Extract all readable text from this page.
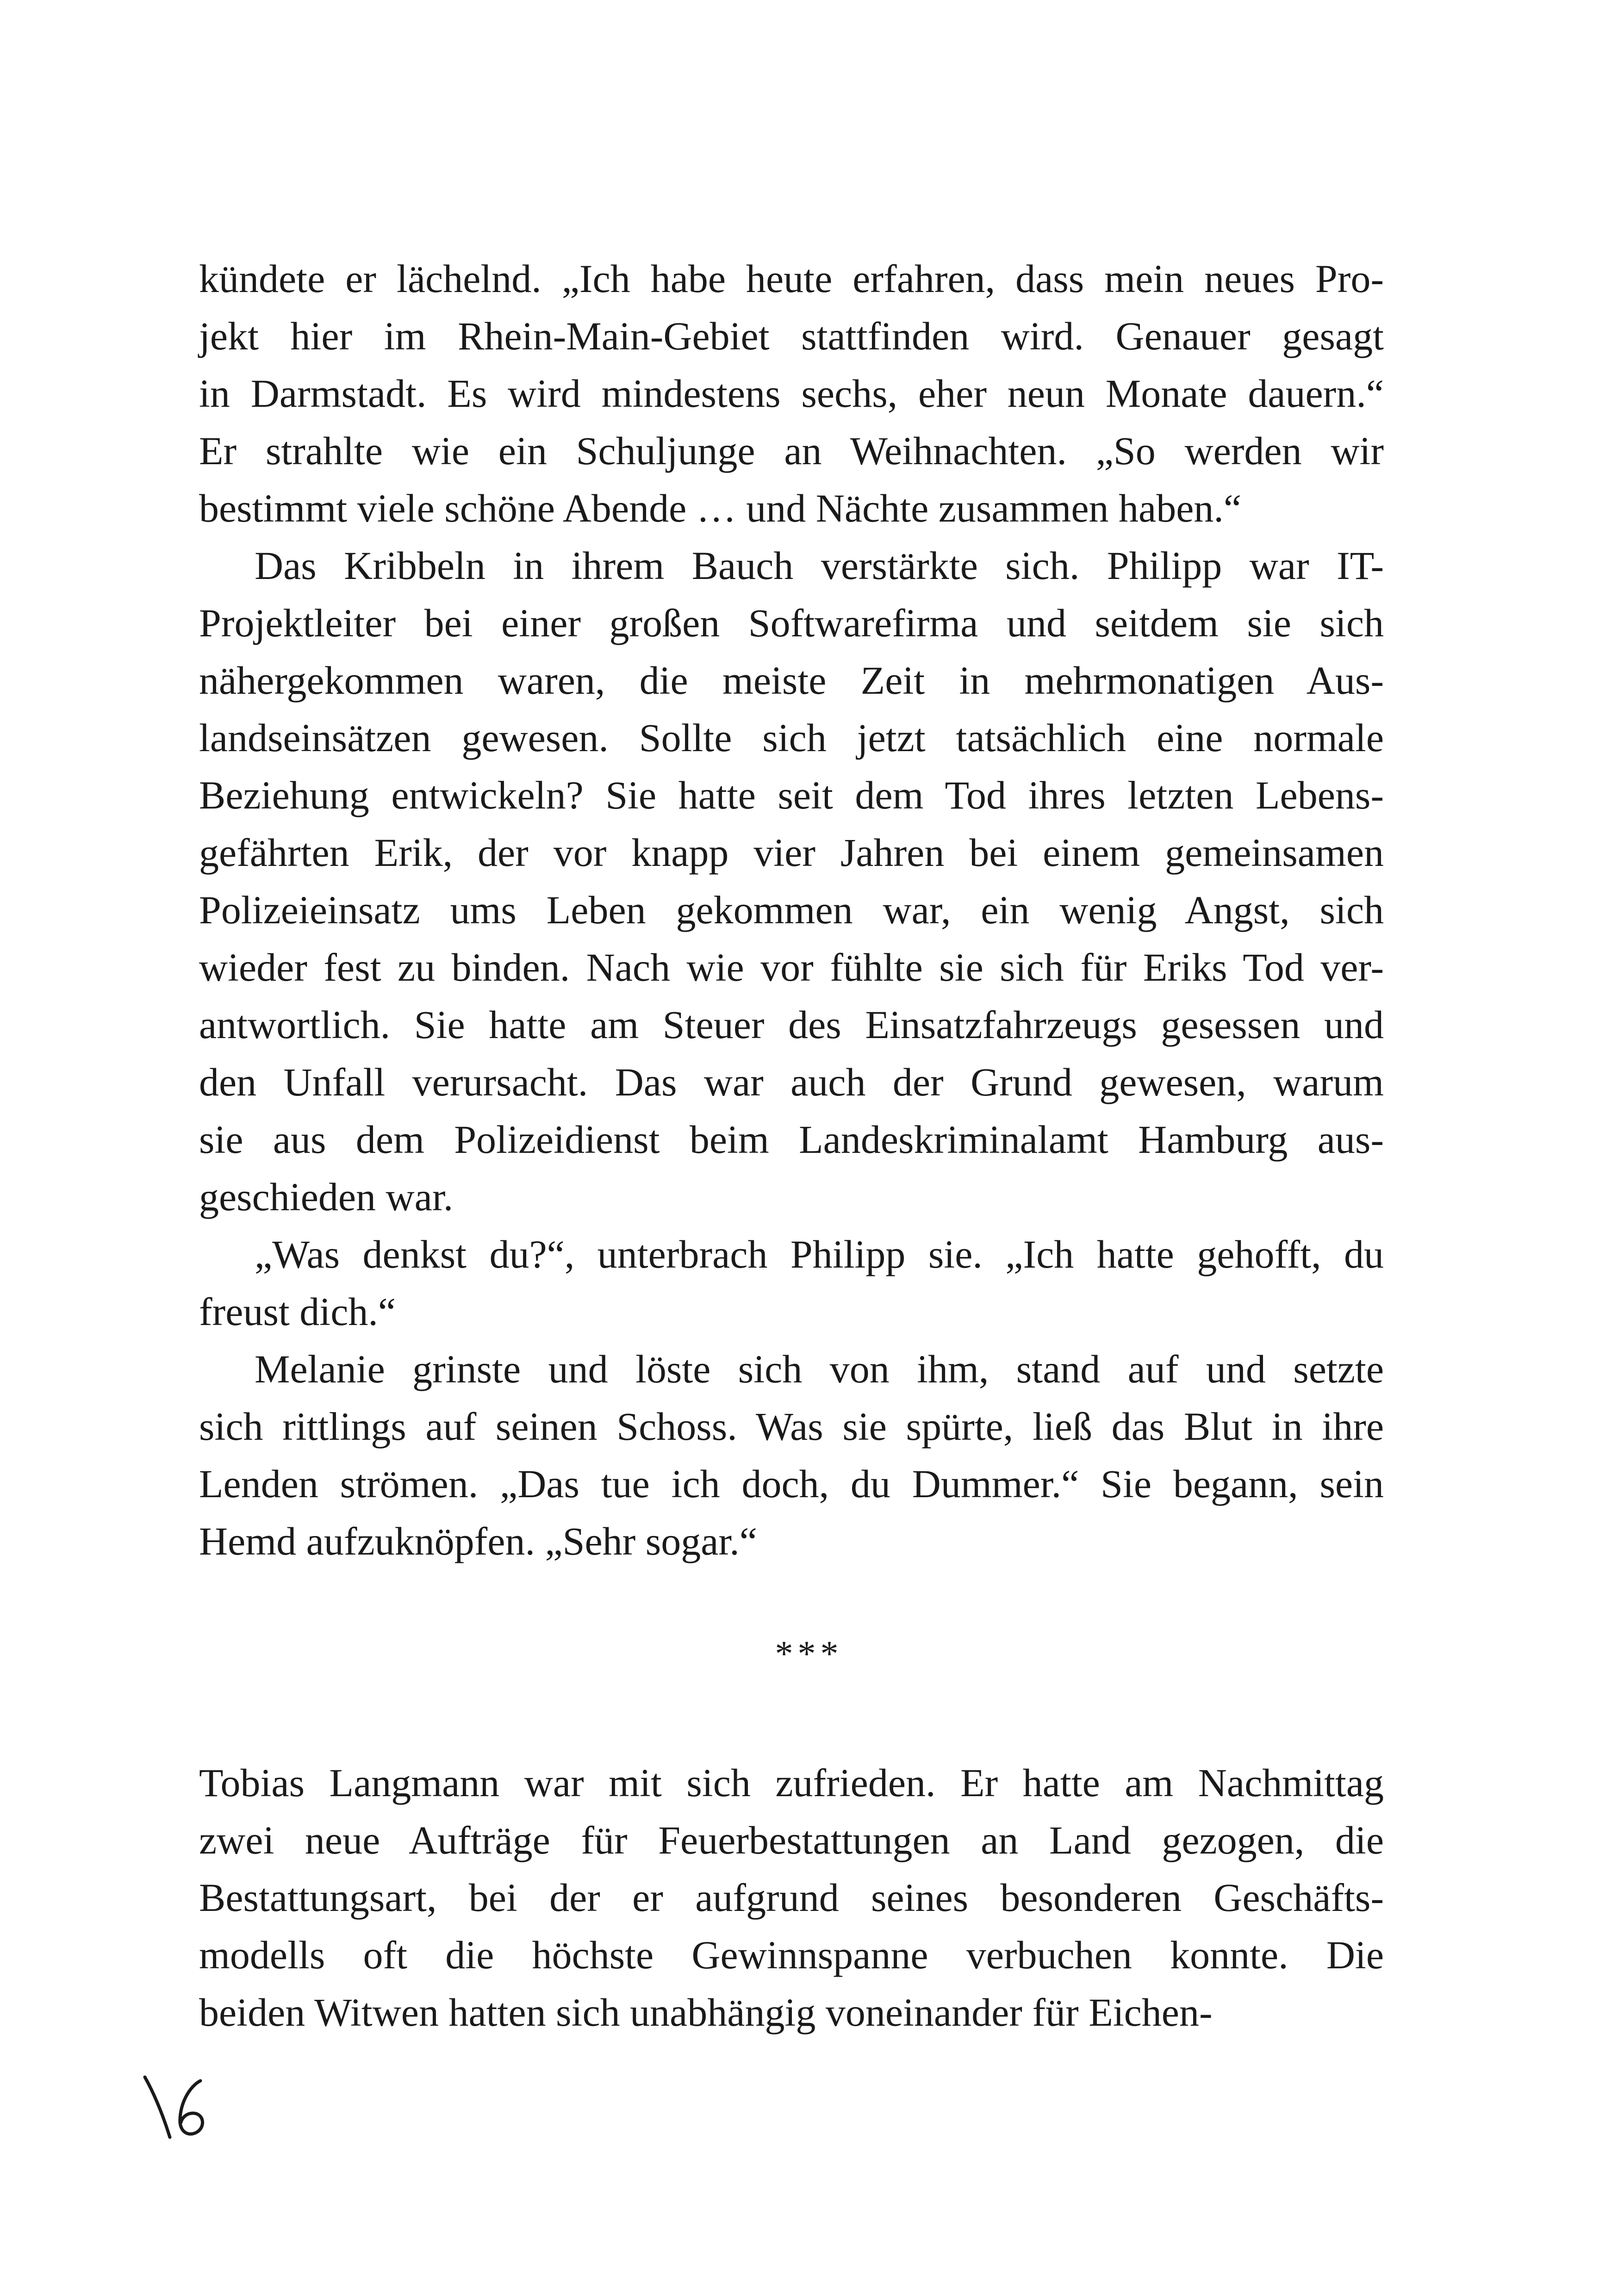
kündete er lächelnd. „Ich habe heute erfahren, dass mein neues Pro-
jekt hier im Rhein-Main-Gebiet stattfinden wird. Genauer gesagt
in Darmstadt. Es wird mindestens sechs, eher neun Monate dauern.“
Er strahlte wie ein Schuljunge an Weihnachten. „So werden wir
bestimmt viele schöne Abende … und Nächte zusammen haben.“
Das Kribbeln in ihrem Bauch verstärkte sich. Philipp war IT-
Projektleiter bei einer großen Softwarefirma und seitdem sie sich
nähergekommen waren, die meiste Zeit in mehrmonatigen Aus-
landseinsätzen gewesen. Sollte sich jetzt tatsächlich eine normale
Beziehung entwickeln? Sie hatte seit dem Tod ihres letzten Lebens-
gefährten Erik, der vor knapp vier Jahren bei einem gemeinsamen
Polizeieinsatz ums Leben gekommen war, ein wenig Angst, sich
wieder fest zu binden. Nach wie vor fühlte sie sich für Eriks Tod ver-
antwortlich. Sie hatte am Steuer des Einsatzfahrzeugs gesessen und
den Unfall verursacht. Das war auch der Grund gewesen, warum
sie aus dem Polizeidienst beim Landeskriminalamt Hamburg aus-
geschieden war.
„Was denkst du?“, unterbrach Philipp sie. „Ich hatte gehofft, du
freust dich.“
Melanie grinste und löste sich von ihm, stand auf und setzte
sich rittlings auf seinen Schoss. Was sie spürte, ließ das Blut in ihre
Lenden strömen. „Das tue ich doch, du Dummer.“ Sie begann, sein
Hemd aufzuknöpfen. „Sehr sogar.“
***
Tobias Langmann war mit sich zufrieden. Er hatte am Nachmittag
zwei neue Aufträge für Feuerbestattungen an Land gezogen, die
Bestattungsart, bei der er aufgrund seines besonderen Geschäfts-
modells oft die höchste Gewinnspanne verbuchen konnte. Die
beiden Witwen hatten sich unabhängig voneinander für Eichen-
